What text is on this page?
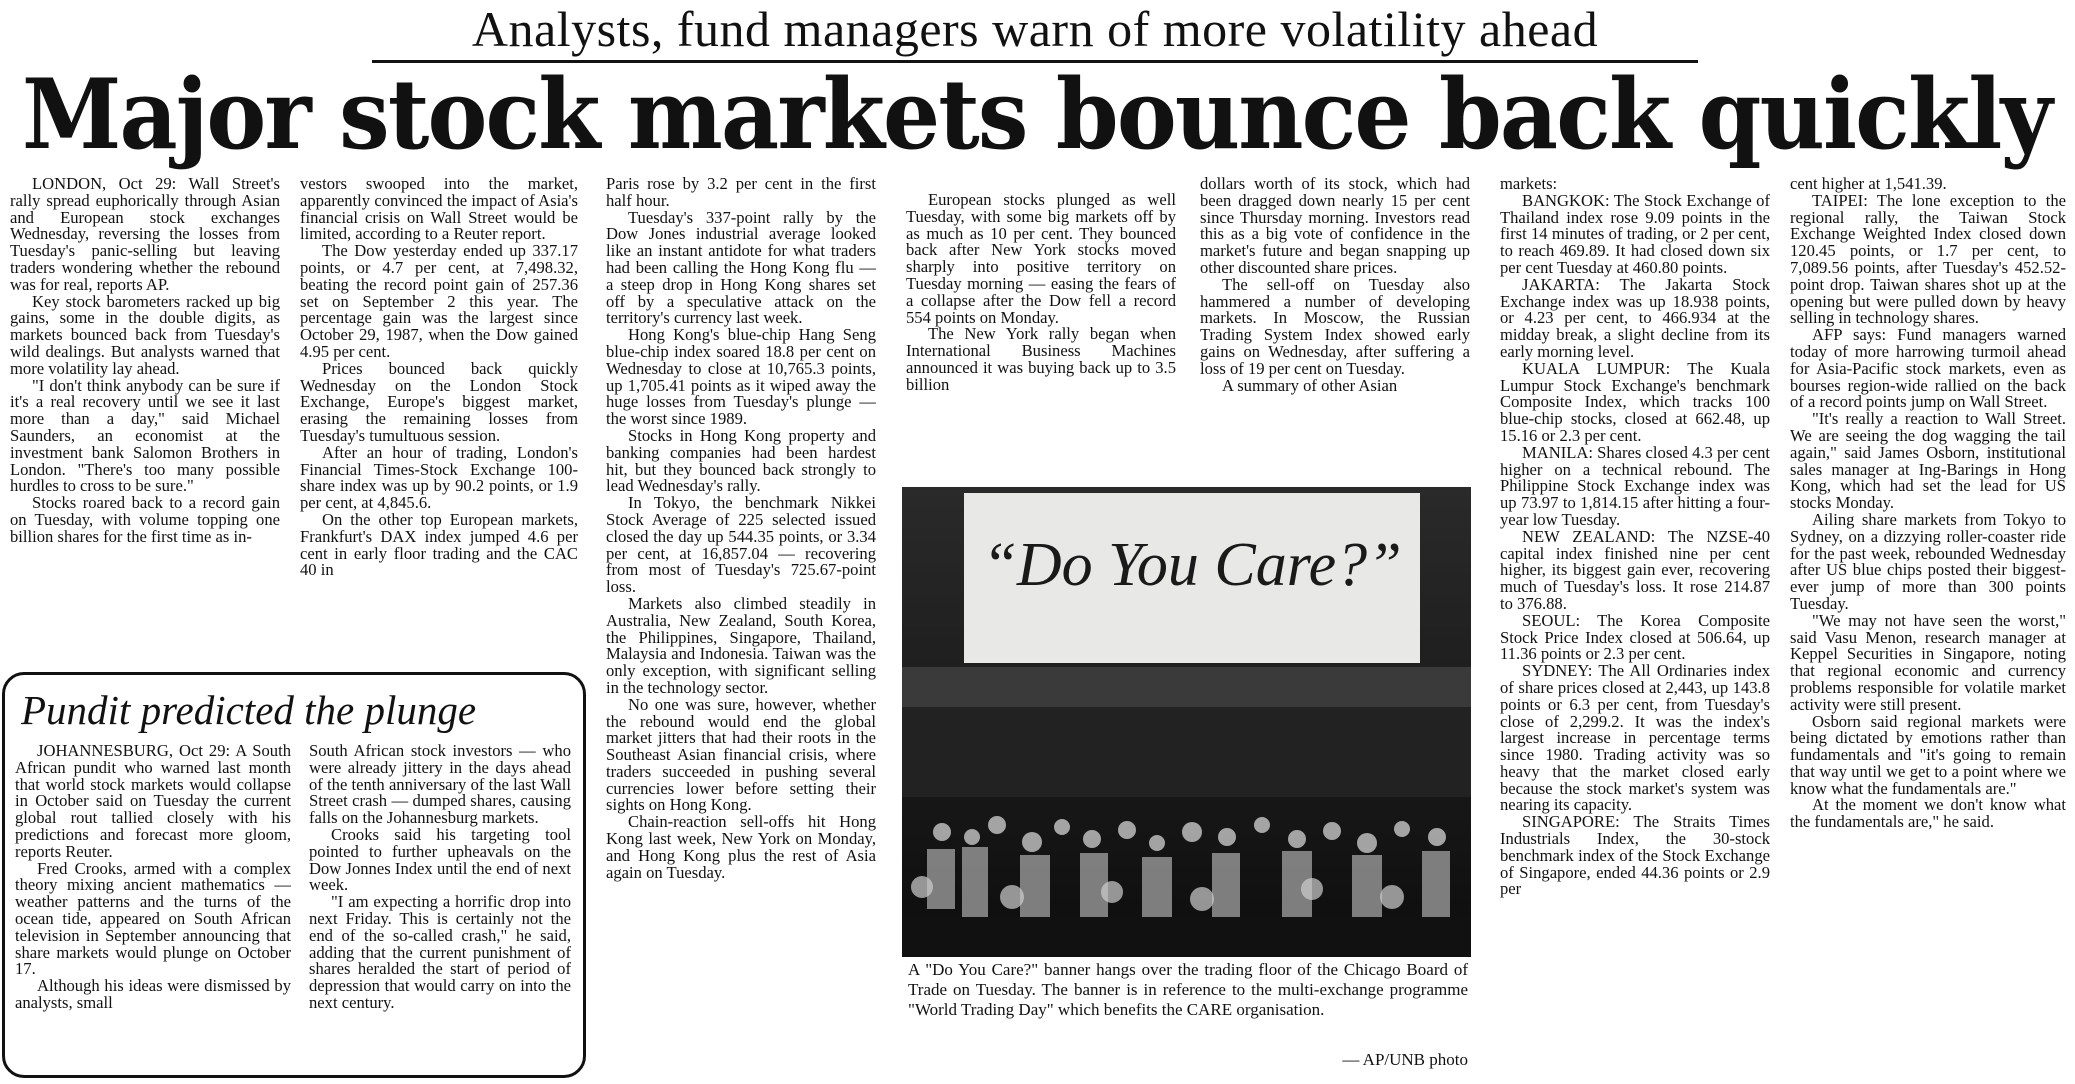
Analysts, fund managers warn of more volatility ahead
Major stock markets bounce back quickly

LONDON, Oct 29: Wall Street's rally spread euphorically through Asian and European stock exchanges Wednesday, reversing the losses from Tuesday's panic-selling but leaving traders wondering whether the rebound was for real, reports AP.

Key stock barometers racked up big gains, some in the double digits, as markets bounced back from Tuesday's wild dealings. But analysts warned that more volatility lay ahead.

"I don't think anybody can be sure if it's a real recovery until we see it last more than a day," said Michael Saunders, an economist at the investment bank Salomon Brothers in London. "There's too many possible hurdles to cross to be sure."

Stocks roared back to a record gain on Tuesday, with volume topping one billion shares for the first time as in-

vestors swooped into the market, apparently convinced the impact of Asia's financial crisis on Wall Street would be limited, according to a Reuter report.

The Dow yesterday ended up 337.17 points, or 4.7 per cent, at 7,498.32, beating the record point gain of 257.36 set on September 2 this year. The percentage gain was the largest since October 29, 1987, when the Dow gained 4.95 per cent.

Prices bounced back quickly Wednesday on the London Stock Exchange, Europe's biggest market, erasing the remaining losses from Tuesday's tumultuous session.

After an hour of trading, London's Financial Times-Stock Exchange 100-share index was up by 90.2 points, or 1.9 per cent, at 4,845.6.

On the other top European markets, Frankfurt's DAX index jumped 4.6 per cent in early floor trading and the CAC 40 in

Paris rose by 3.2 per cent in the first half hour.

Tuesday's 337-point rally by the Dow Jones industrial average looked like an instant antidote for what traders had been calling the Hong Kong flu — a steep drop in Hong Kong shares set off by a speculative attack on the territory's currency last week.

Hong Kong's blue-chip Hang Seng blue-chip index soared 18.8 per cent on Wednesday to close at 10,765.3 points, up 1,705.41 points as it wiped away the huge losses from Tuesday's plunge — the worst since 1989.

Stocks in Hong Kong property and banking companies had been hardest hit, but they bounced back strongly to lead Wednesday's rally.

In Tokyo, the benchmark Nikkei Stock Average of 225 selected issued closed the day up 544.35 points, or 3.34 per cent, at 16,857.04 — recovering from most of Tuesday's 725.67-point loss.

Markets also climbed steadily in Australia, New Zealand, South Korea, the Philippines, Singapore, Thailand, Malaysia and Indonesia. Taiwan was the only exception, with significant selling in the technology sector.

No one was sure, however, whether the rebound would end the global market jitters that had their roots in the Southeast Asian financial crisis, where traders succeeded in pushing several currencies lower before setting their sights on Hong Kong.

Chain-reaction sell-offs hit Hong Kong last week, New York on Monday, and Hong Kong plus the rest of Asia again on Tuesday.

European stocks plunged as well Tuesday, with some big markets off by as much as 10 per cent. They bounced back after New York stocks moved sharply into positive territory on Tuesday morning — easing the fears of a collapse after the Dow fell a record 554 points on Monday.

The New York rally began when International Business Machines announced it was buying back up to 3.5 billion

dollars worth of its stock, which had been dragged down nearly 15 per cent since Thursday morning. Investors read this as a big vote of confidence in the market's future and began snapping up other discounted share prices.

The sell-off on Tuesday also hammered a number of developing markets. In Moscow, the Russian Trading System Index showed early gains on Wednesday, after suffering a loss of 19 per cent on Tuesday.

A summary of other Asian

markets:

BANGKOK: The Stock Exchange of Thailand index rose 9.09 points in the first 14 minutes of trading, or 2 per cent, to reach 469.89. It had closed down six per cent Tuesday at 460.80 points.

JAKARTA: The Jakarta Stock Exchange index was up 18.938 points, or 4.23 per cent, to 466.934 at the midday break, a slight decline from its early morning level.

KUALA LUMPUR: The Kuala Lumpur Stock Exchange's benchmark Composite Index, which tracks 100 blue-chip stocks, closed at 662.48, up 15.16 or 2.3 per cent.

MANILA: Shares closed 4.3 per cent higher on a technical rebound. The Philippine Stock Exchange index was up 73.97 to 1,814.15 after hitting a four-year low Tuesday.

NEW ZEALAND: The NZSE-40 capital index finished nine per cent higher, its biggest gain ever, recovering much of Tuesday's loss. It rose 214.87 to 376.88.

SEOUL: The Korea Composite Stock Price Index closed at 506.64, up 11.36 points or 2.3 per cent.

SYDNEY: The All Ordinaries index of share prices closed at 2,443, up 143.8 points or 6.3 per cent, from Tuesday's close of 2,299.2. It was the index's largest increase in percentage terms since 1980. Trading activity was so heavy that the market closed early because the stock market's system was nearing its capacity.

SINGAPORE: The Straits Times Industrials Index, the 30-stock benchmark index of the Stock Exchange of Singapore, ended 44.36 points or 2.9 per

cent higher at 1,541.39.

TAIPEI: The lone exception to the regional rally, the Taiwan Stock Exchange Weighted Index closed down 120.45 points, or 1.7 per cent, to 7,089.56 points, after Tuesday's 452.52-point drop. Taiwan shares shot up at the opening but were pulled down by heavy selling in technology shares.

AFP says: Fund managers warned today of more harrowing turmoil ahead for Asia-Pacific stock markets, even as bourses region-wide rallied on the back of a record points jump on Wall Street.

"It's really a reaction to Wall Street. We are seeing the dog wagging the tail again," said James Osborn, institutional sales manager at Ing-Barings in Hong Kong, which had set the lead for US stocks Monday.

Ailing share markets from Tokyo to Sydney, on a dizzying roller-coaster ride for the past week, rebounded Wednesday after US blue chips posted their biggest-ever jump of more than 300 points Tuesday.

"We may not have seen the worst," said Vasu Menon, research manager at Keppel Securities in Singapore, noting that regional economic and currency problems responsible for volatile market activity were still present.

Osborn said regional markets were being dictated by emotions rather than fundamentals and "it's going to remain that way until we get to a point where we know what the fundamentals are."

At the moment we don't know what the fundamentals are," he said.

Pundit predicted the plunge

JOHANNESBURG, Oct 29: A South African pundit who warned last month that world stock markets would collapse in October said on Tuesday the current global rout tallied closely with his predictions and forecast more gloom, reports Reuter.

Fred Crooks, armed with a complex theory mixing ancient mathematics — weather patterns and the turns of the ocean tide, appeared on South African television in September announcing that share markets would plunge on October 17.

Although his ideas were dismissed by analysts, small

South African stock investors — who were already jittery in the days ahead of the tenth anniversary of the last Wall Street crash — dumped shares, causing falls on the Johannesburg markets.

Crooks said his targeting tool pointed to further upheavals on the Dow Jonnes Index until the end of next week.

"I am expecting a horrific drop into next Friday. This is certainly not the end of the so-called crash," he said, adding that the current punishment of shares heralded the start of period of depression that would carry on into the next century.

“Do You Care?”
A "Do You Care?" banner hangs over the trading floor of the Chicago Board of Trade on Tuesday. The banner is in reference to the multi-exchange programme "World Trading Day" which benefits the CARE organisation.
— AP/UNB photo
